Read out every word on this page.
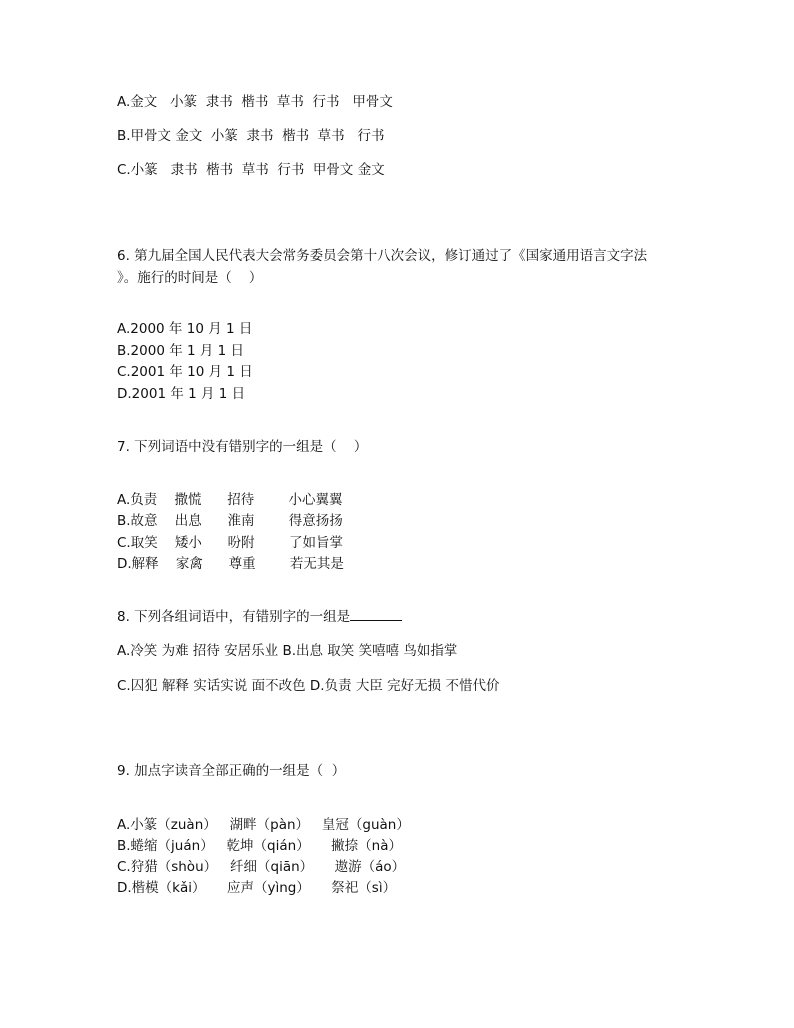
A.金文   小篆  隶书  楷书  草书  行书   甲骨文
B.甲骨文 金文  小篆  隶书  楷书  草书   行书
C.小篆   隶书  楷书  草书  行书  甲骨文 金文
6. 第九届全国人民代表大会常务委员会第十八次会议，修订通过了《国家通用语言文字法
》。施行的时间是（    ）
A.2000 年 10 月 1 日
B.2000 年 1 月 1 日
C.2001 年 10 月 1 日
D.2001 年 1 月 1 日
7. 下列词语中没有错别字的一组是（    ）
A.负责    撒慌      招待        小心翼翼
B.故意    出息      淮南        得意扬扬
C.取笑    矮小      吩附        了如旨掌
D.解释    家禽      尊重        若无其是
8. 下列各组词语中，有错别字的一组是
A.冷笑 为难 招待 安居乐业 B.出息 取笑 笑嘻嘻 鸟如指掌
C.囚犯 解释 实话实说 面不改色 D.负责 大臣 完好无损 不惜代价
9. 加点字读音全部正确的一组是（  ）
A.小篆（zuàn）   湖畔（pàn）   皇冠（guàn）
B.蜷缩（juán）   乾坤（qián）     撇捺（nà）
C.狩猎（shòu）   纤细（qiān）     遨游（áo）
D.楷模（kǎi）     应声（yìng）     祭祀（sì）
